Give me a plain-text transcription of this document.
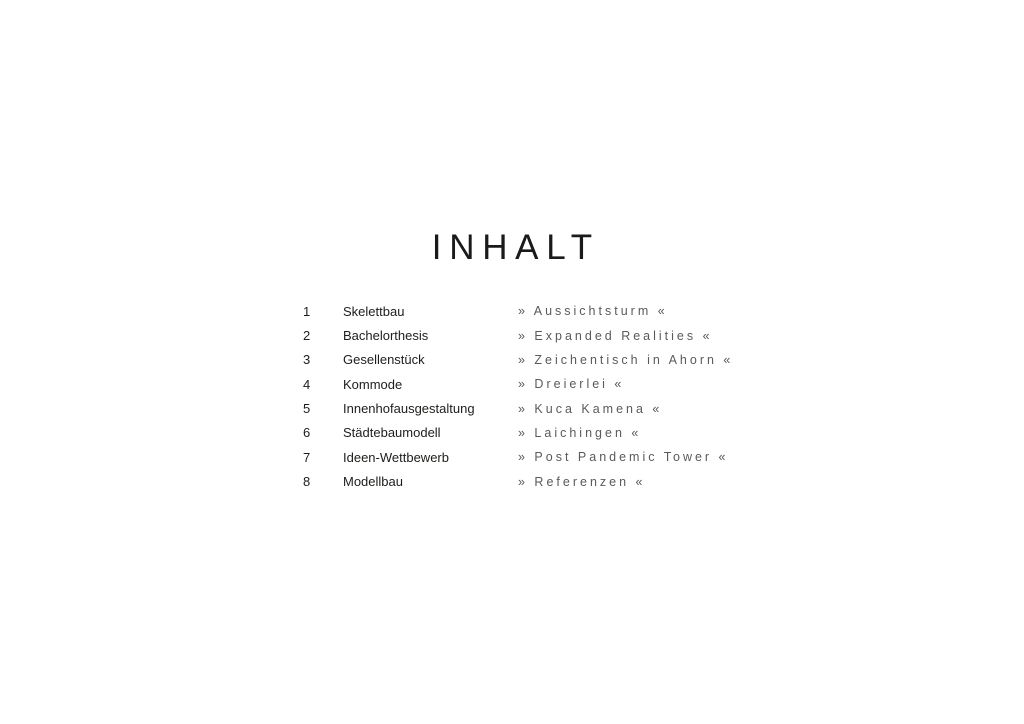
INHALT
1	Skelettbau	» Aussichtsturm «
2	Bachelorthesis	» Expanded Realities «
3	Gesellenstück	» Zeichentisch in Ahorn «
4	Kommode	» Dreierlei «
5	Innenhofausgestaltung	» Kuca Kamena «
6	Städtebaumodell	» Laichingen «
7	Ideen-Wettbewerb	» Post Pandemic Tower «
8	Modellbau	» Referenzen «
